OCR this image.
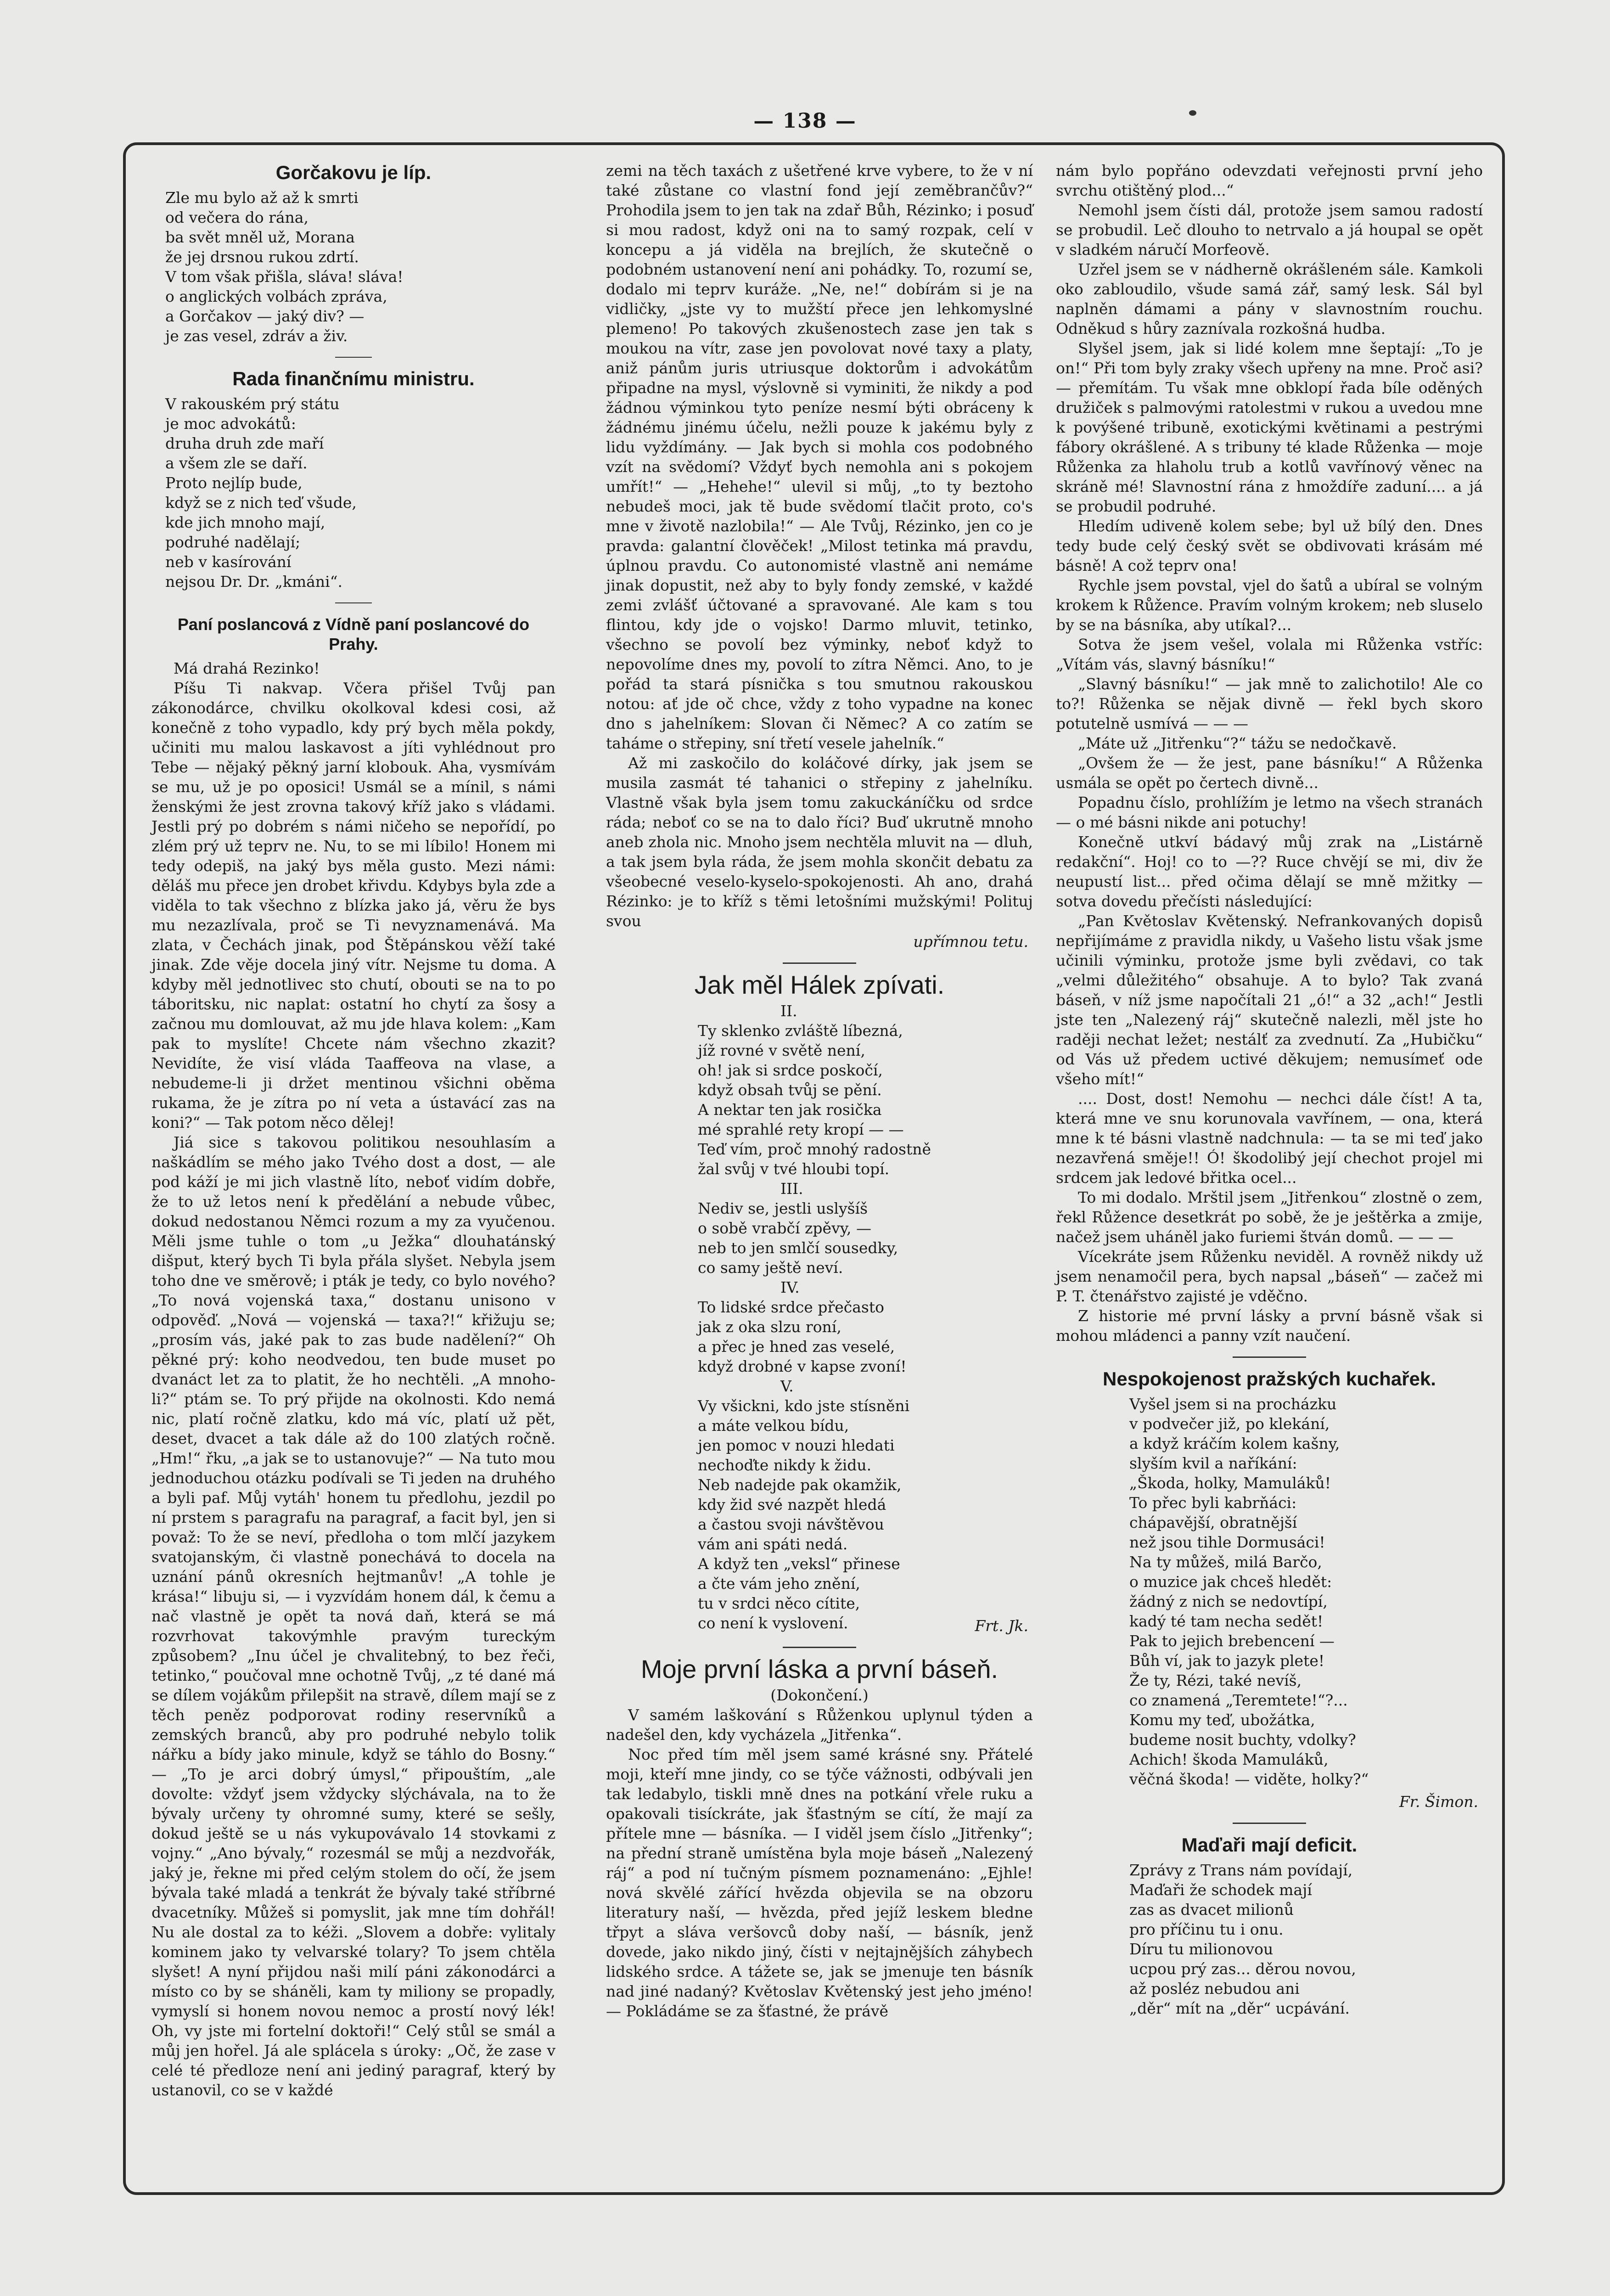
— 138 —
Gorčakovu je líp.
Zle mu bylo až až k smrti
od večera do rána,
ba svět mněl už, Morana
že jej drsnou rukou zdrtí.
V tom však přišla, sláva! sláva!
o anglických volbách zpráva,
a Gorčakov — jaký div? —
je zas vesel, zdráv a živ.
Rada finančnímu ministru.
V rakouském prý státu
je moc advokátů:
druha druh zde maří
a všem zle se daří.
Proto nejlíp bude,
když se z nich teď všude,
kde jich mnoho mají,
podruhé nadělají;
neb v kasírování
nejsou Dr. Dr. „kmáni“.
Paní poslancová z Vídně paní poslancové do Prahy.

Má drahá Rezinko!

Píšu Ti nakvap. Včera přišel Tvůj pan zákonodárce, chvilku okolkoval kdesi cosi, až konečně z toho vypadlo, kdy prý bych měla pokdy, učiniti mu malou laskavost a jíti vyhlédnout pro Tebe — nějaký pěkný jarní klobouk. Aha, vysmívám se mu, už je po oposici! Usmál se a mínil, s námi ženskými že jest zrovna takový kříž jako s vládami. Jestli prý po dobrém s námi ničeho se nepořídí, po zlém prý už teprv ne. Nu, to se mi líbilo! Honem mi tedy odepiš, na jaký bys měla gusto. Mezi námi: děláš mu přece jen drobet křivdu. Kdybys byla zde a viděla to tak všechno z blízka jako já, věru že bys mu nezazlívala, proč se Ti nevyznamenává. Ma zlata, v Čechách jinak, pod Štěpánskou věží také jinak. Zde věje docela jiný vítr. Nejsme tu doma. A kdyby měl jednotlivec sto chutí, obouti se na to po táboritsku, nic naplat: ostatní ho chytí za šosy a začnou mu domlouvat, až mu jde hlava kolem: „Kam pak to myslíte! Chcete nám všechno zkazit? Nevidíte, že visí vláda Taaffeova na vlase, a nebudeme-li ji držet mentinou všichni oběma rukama, že je zítra po ní veta a ústavácí zas na koni?“ — Tak potom něco dělej!

Jiá sice s takovou politikou nesouhlasím a naškádlím se mého jako Tvého dost a dost, — ale pod káží je mi jich vlastně líto, neboť vidím dobře, že to už letos není k předělání a nebude vůbec, dokud nedostanou Němci rozum a my za vyučenou. Měli jsme tuhle o tom „u Ježka“ dlouhatánský dišput, který bych Ti byla přála slyšet. Nebyla jsem toho dne ve směrově; i pták je tedy, co bylo nového? „To nová vojenská taxa,“ dostanu unisono v odpověď. „Nová — vojenská — taxa?!“ křižuju se; „prosím vás, jaké pak to zas bude nadělení?“ Oh pěkné prý: koho neodvedou, ten bude muset po dvanáct let za to platit, že ho nechtěli. „A mnoho-li?“ ptám se. To prý přijde na okolnosti. Kdo nemá nic, platí ročně zlatku, kdo má víc, platí už pět, deset, dvacet a tak dále až do 100 zlatých ročně. „Hm!“ řku, „a jak se to ustanovuje?“ — Na tuto mou jednoduchou otázku podívali se Ti jeden na druhého a byli paf. Můj vytáh' honem tu předlohu, jezdil po ní prstem s paragrafu na paragraf, a facit byl, jen si považ: To že se neví, předloha o tom mlčí jazykem svatojanským, či vlastně ponechává to docela na uznání pánů okresních hejtmanův! „A tohle je krása!“ libuju si, — i vyzvídám honem dál, k čemu a nač vlastně je opět ta nová daň, která se má rozvrhovat takovýmhle pravým tureckým způsobem? „Inu účel je chvalitebný, to bez řeči, tetinko,“ poučoval mne ochotně Tvůj, „z té dané má se dílem vojákům přilepšit na stravě, dílem mají se z těch peněz podporovat rodiny reservníků a zemských branců, aby pro podruhé nebylo tolik nářku a bídy jako minule, když se táhlo do Bosny.“ — „To je arci dobrý úmysl,“ připouštím, „ale dovolte: vždyť jsem vždycky slýchávala, na to že bývaly určeny ty ohromné sumy, které se sešly, dokud ještě se u nás vykupovávalo 14 stovkami z vojny.“ „Ano bývaly,“ rozesmál se můj a nezdvořák, jaký je, řekne mi před celým stolem do očí, že jsem bývala také mladá a tenkrát že bývaly také stříbrné dvacetníky. Můžeš si pomyslit, jak mne tím dohřál! Nu ale dostal za to kéži. „Slovem a dobře: vylitaly kominem jako ty velvarské tolary? To jsem chtěla slyšet! A nyní přijdou naši milí páni zákonodárci a místo co by se sháněli, kam ty miliony se propadly, vymyslí si honem novou nemoc a prostí nový lék! Oh, vy jste mi fortelní doktoři!“ Celý stůl se smál a můj jen hořel. Já ale splácela s úroky: „Oč, že zase v celé té předloze není ani jediný paragraf, který by ustanovil, co se v každé

zemi na těch taxách z ušetřené krve vybere, to že v ní také zůstane co vlastní fond její zeměbrančův?“ Prohodila jsem to jen tak na zdař Bůh, Rézinko; i posuď si mou radost, když oni na to samý rozpak, celí v koncepu a já viděla na brejlích, že skutečně o podobném ustanovení není ani pohádky. To, rozumí se, dodalo mi teprv kuráže. „Ne, ne!“ dobírám si je na vidličky, „jste vy to mužští přece jen lehkomyslné plemeno! Po takových zkušenostech zase jen tak s moukou na vítr, zase jen povolovat nové taxy a platy, aniž pánům juris utriusque doktorům i advokátům připadne na mysl, výslovně si vyminiti, že nikdy a pod žádnou výminkou tyto peníze nesmí býti obráceny k žádnému jinému účelu, nežli pouze k jakému byly z lidu vyždímány. — Jak bych si mohla cos podobného vzít na svědomí? Vždyť bych nemohla ani s pokojem umřít!“ — „Hehehe!“ ulevil si můj, „to ty beztoho nebudeš moci, jak tě bude svědomí tlačit proto, co's mne v životě nazlobila!“ — Ale Tvůj, Rézinko, jen co je pravda: galantní člověček! „Milost tetinka má pravdu, úplnou pravdu. Co autonomisté vlastně ani nemáme jinak dopustit, než aby to byly fondy zemské, v každé zemi zvlášť účtované a spravované. Ale kam s tou flintou, kdy jde o vojsko! Darmo mluvit, tetinko, všechno se povolí bez výminky, neboť když to nepovolíme dnes my, povolí to zítra Němci. Ano, to je pořád ta stará písnička s tou smutnou rakouskou notou: ať jde oč chce, vždy z toho vypadne na konec dno s jahelníkem: Slovan či Němec? A co zatím se taháme o střepiny, sní třetí vesele jahelník.“

Až mi zaskočilo do koláčové dírky, jak jsem se musila zasmát té tahanici o střepiny z jahelníku. Vlastně však byla jsem tomu zakuckáníčku od srdce ráda; neboť co se na to dalo říci? Buď ukrutně mnoho aneb zhola nic. Mnoho jsem nechtěla mluvit na — dluh, a tak jsem byla ráda, že jsem mohla skončit debatu za všeobecné veselo-kyselo-spokojenosti. Ah ano, drahá Rézinko: je to kříž s těmi letošními mužskými! Polituj svou

upřímnou tetu.
Jak měl Hálek zpívati.
II.
Ty sklenko zvláště líbezná,
jíž rovné v světě není,
oh! jak si srdce poskočí,
když obsah tvůj se pění.
A nektar ten jak rosička
mé sprahlé rety kropí — —
Teď vím, proč mnohý radostně
žal svůj v tvé hloubi topí.
III.
Nediv se, jestli uslyšíš
o sobě vrabčí zpěvy, —
neb to jen smlčí sousedky,
co samy ještě neví.
IV.
To lidské srdce přečasto
jak z oka slzu roní,
a přec je hned zas veselé,
když drobné v kapse zvoní!
V.
Vy všickni, kdo jste stísněni
a máte velkou bídu,
jen pomoc v nouzi hledati
nechoďte nikdy k židu.
Neb nadejde pak okamžik,
kdy žid své nazpět hledá
a častou svoji návštěvou
vám ani spáti nedá.
A když ten „veksl“ přinese
a čte vám jeho znění,
tu v srdci něco cítite,
co není k vyslovení.	Frt. Jk.
Moje první láska a první báseň.
(Dokončení.)

V samém laškování s Růženkou uplynul týden a nadešel den, kdy vycházela „Jitřenka“.

Noc před tím měl jsem samé krásné sny. Přátelé moji, kteří mne jindy, co se týče vážnosti, odbývali jen tak ledabylo, tiskli mně dnes na potkání vřele ruku a opakovali tisíckráte, jak šťastným se cítí, že mají za přítele mne — básníka. — I viděl jsem číslo „Jitřenky“; na přední straně umístěna byla moje báseň „Nalezený ráj“ a pod ní tučným písmem poznamenáno: „Ejhle! nová skvělé zářící hvězda objevila se na obzoru literatury naší, — hvězda, před jejíž leskem bledne třpyt a sláva veršovců doby naší, — básník, jenž dovede, jako nikdo jiný, čísti v nejtajnějších záhybech lidského srdce. A tážete se, jak se jmenuje ten básník nad jiné nadaný? Květoslav Květenský jest jeho jméno! — Pokládáme se za šťastné, že právě

nám bylo popřáno odevzdati veřejnosti první jeho svrchu otištěný plod...“

Nemohl jsem čísti dál, protože jsem samou radostí se probudil. Leč dlouho to netrvalo a já houpal se opět v sladkém náručí Morfeově.

Uzřel jsem se v nádherně okrášleném sále. Kamkoli oko zabloudilo, všude samá zář, samý lesk. Sál byl naplněn dámami a pány v slavnostním rouchu. Odněkud s hůry zaznívala rozkošná hudba.

Slyšel jsem, jak si lidé kolem mne šeptají: „To je on!“ Při tom byly zraky všech upřeny na mne. Proč asi? — přemítám. Tu však mne obklopí řada bíle oděných družiček s palmovými ratolestmi v rukou a uvedou mne k povýšené tribuně, exotickými květinami a pestrými fábory okrášlené. A s tribuny té klade Růženka — moje Růženka za hlaholu trub a kotlů vavřínový věnec na skráně mé! Slavnostní rána z hmoždíře zaduní.... a já se probudil podruhé.

Hledím udiveně kolem sebe; byl už bílý den. Dnes tedy bude celý český svět se obdivovati krásám mé básně! A což teprv ona!

Rychle jsem povstal, vjel do šatů a ubíral se volným krokem k Růžence. Pravím volným krokem; neb sluselo by se na básníka, aby utíkal?...

Sotva že jsem vešel, volala mi Růženka vstříc: „Vítám vás, slavný básníku!“

„Slavný básníku!“ — jak mně to zalichotilo! Ale co to?! Růženka se nějak divně — řekl bych skoro potutelně usmívá — — —

„Máte už „Jitřenku“?“ tážu se nedočkavě.

„Ovšem že — že jest, pane básníku!“ A Růženka usmála se opět po čertech divně...

Popadnu číslo, prohlížím je letmo na všech stranách — o mé básni nikde ani potuchy!

Konečně utkví bádavý můj zrak na „Listárně redakční“. Hoj! co to —?? Ruce chvějí se mi, div že neupustí list... před očima dělají se mně mžitky — sotva dovedu přečísti následující:

„Pan Květoslav Květenský. Nefrankovaných dopisů nepřijímáme z pravidla nikdy, u Vašeho listu však jsme učinili výminku, protože jsme byli zvědavi, co tak „velmi důležitého“ obsahuje. A to bylo? Tak zvaná báseň, v níž jsme napočítali 21 „ó!“ a 32 „ach!“ Jestli jste ten „Nalezený ráj“ skutečně nalezli, měl jste ho raději nechat ležet; nestálť za zvednutí. Za „Hubičku“ od Vás už předem uctivé děkujem; nemusímeť ode všeho mít!“

.... Dost, dost! Nemohu — nechci dále číst! A ta, která mne ve snu korunovala vavřínem, — ona, která mne k té básni vlastně nadchnula: — ta se mi teď jako nezavřená směje!! Ó! škodolibý její chechot projel mi srdcem jak ledové břitka ocel...

To mi dodalo. Mrštil jsem „Jitřenkou“ zlostně o zem, řekl Růžence desetkrát po sobě, že je ještěrka a zmije, načež jsem uháněl jako furiemi štván domů. — — —

Vícekráte jsem Růženku neviděl. A rovněž nikdy už jsem nenamočil pera, bych napsal „báseň“ — začež mi P. T. čtenářstvo zajisté je vděčno.

Z historie mé první lásky a první básně však si mohou mládenci a panny vzít naučení.

Nespokojenost pražských kuchařek.
Vyšel jsem si na procházku
v podvečer již, po klekání,
a když kráčím kolem kašny,
slyším kvil a naříkání:
„Škoda, holky, Mamuláků!
To přec byli kabrňáci:
chápavější, obratnější
než jsou tihle Dormusáci!
Na ty můžeš, milá Barčo,
o muzice jak chceš hledět:
žádný z nich se nedovtípí,
kadý té tam necha sedět!
Pak to jejich brebencení —
Bůh ví, jak to jazyk plete!
Že ty, Rézi, také nevíš,
co znamená „Teremtete!“?...
Komu my teď, ubožátka,
budeme nosit buchty, vdolky?
Achich! škoda Mamuláků,
věčná škoda! — viděte, holky?“
Fr. Šimon.
Maďaři mají deficit.
Zprávy z Trans nám povídají,
Maďaři že schodek mají
zas as dvacet milionů
pro příčinu tu i onu.
Díru tu milionovou
ucpou prý zas... děrou novou,
až posléz nebudou ani
„děr“ mít na „děr“ ucpávání.
